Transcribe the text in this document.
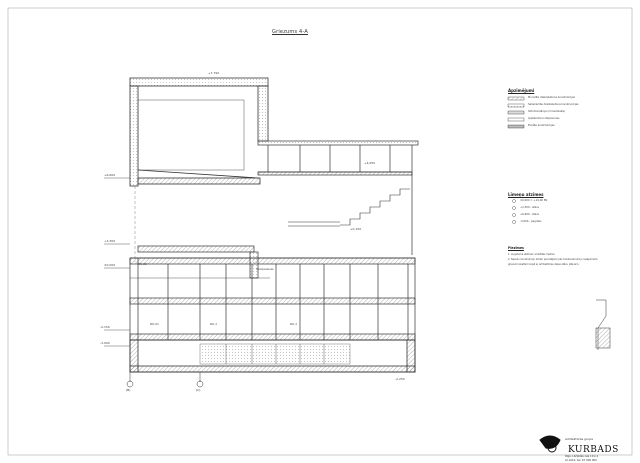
Griezums 4-A
R1-22
Starpsienas
R0-21	R0-1	R0-1
+6,600
+3,300
±0,000
-2,150
-3,000
(B)	(C)
+7,790
+4,050
+0,150
-2,250
Apzīmējumi
Monolīta dzelzsbetona konstrukcijas
Saliekamās dzelzsbetona konstrukcijas
Siltumizolācija (minerālvate)
Ģipškartona starpsienas
Esošās konstrukcijas
Līmeņu atzīmes
±0,000 = +19,00 BS
+3,300 - stāvs
+6,600 - stāvs
-3,000 - pagrabs
Piezīmes
1. Augstuma atzīmes norādītas metros.
2. Nesošo konstrukciju izmēri precizējami pēc būvkonstrukciju rasējumiem,
griezumi skatāmi kopā ar arhitektūras daļas stāvu plāniem.
arhitektūras grupa
KURBADS
Rīga, Lāčplēša iela 10 k-2
LV-1010, tel. 67 000 000
